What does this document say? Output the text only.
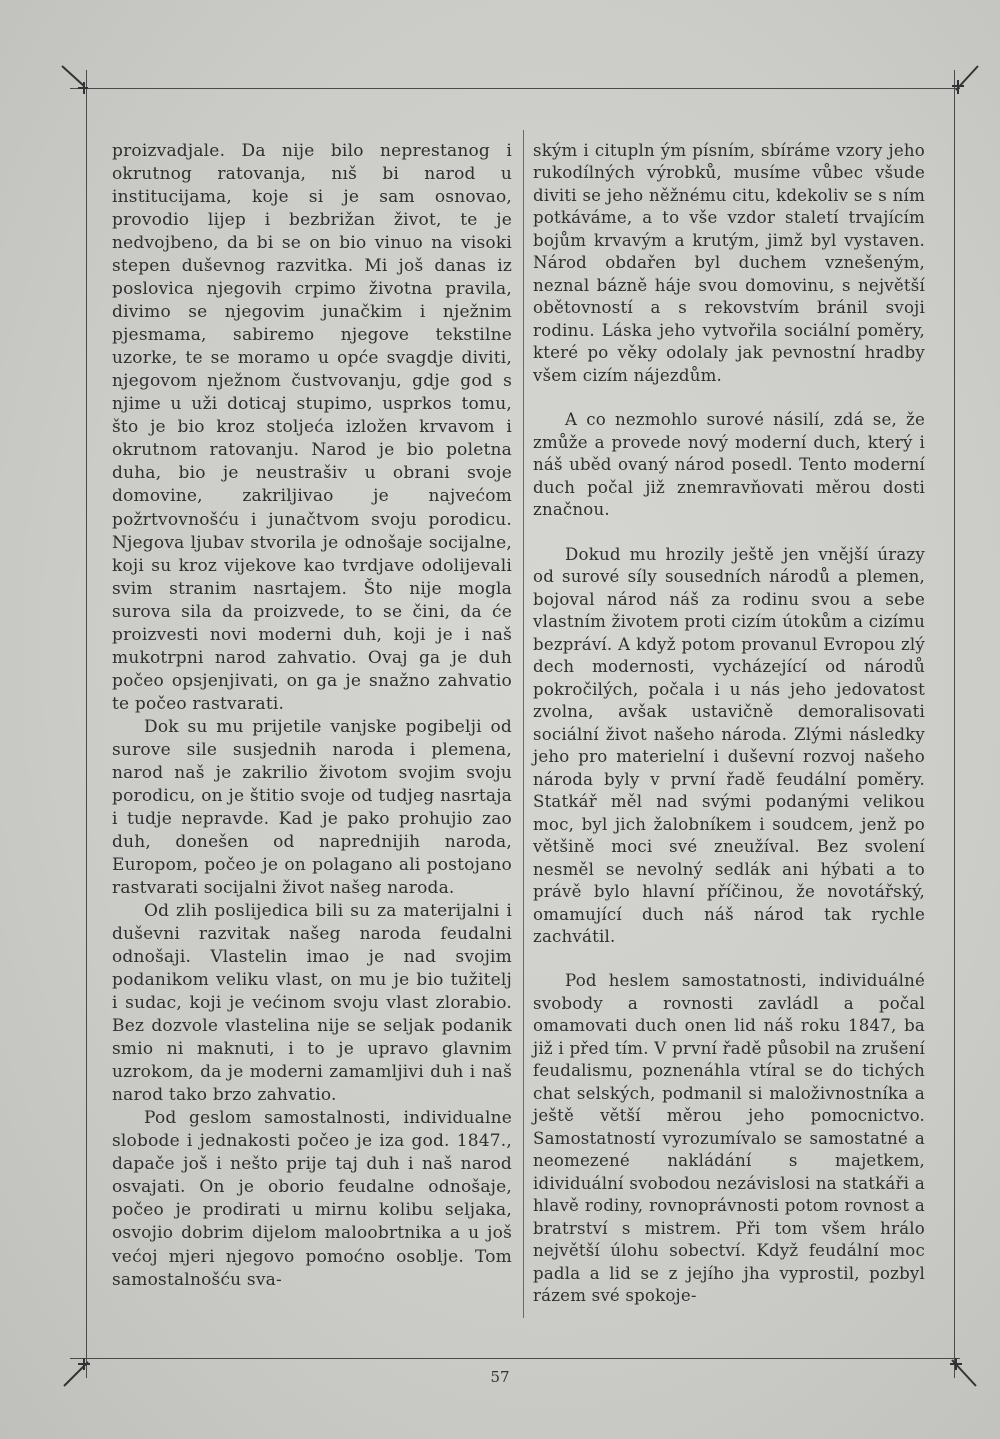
proizvadjale. Da nije bilo neprestanog i okrutnog ratovanja, nıš bi narod u institucijama, koje si je sam osnovao, provodio lijep i bezbrižan život, te je nedvojbeno, da bi se on bio vinuo na visoki stepen duševnog razvitka. Mi još danas iz poslovica njegovih crpimo životna pravila, divimo se njegovim junačkim i nježnim pjesmama, sabiremo njegove tekstilne uzorke, te se moramo u opće svagdje diviti, njegovom nježnom čustvovanju, gdje god s njime u uži doticaj stupimo, usprkos tomu, što je bio kroz stoljeća izložen krvavom i okrutnom ratovanju. Narod je bio poletna duha, bio je neustrašiv u obrani svoje domovine, zakriljivao je najvećom požrtvovnošću i junačtvom svoju porodicu. Njegova ljubav stvorila je odnošaje socijalne, koji su kroz vijekove kao tvrdjave odolijevali svim stranim nasrtajem. Što nije mogla surova sila da proizvede, to se čini, da će proizvesti novi moderni duh, koji je i naš mukotrpni narod zahvatio. Ovaj ga je duh počeo opsjenjivati, on ga je snažno zahvatio te počeo rastvarati.

Dok su mu prijetile vanjske pogibelji od surove sile susjednih naroda i plemena, narod naš je zakrilio životom svojim svoju porodicu, on je štitio svoje od tudjeg nasrtaja i tudje nepravde. Kad je pako prohujio zao duh, donešen od naprednijih naroda, Europom, počeo je on polagano ali postojano rastvarati socijalni život našeg naroda.

Od zlih poslijedica bili su za materijalni i duševni razvitak našeg naroda feudalni odnošaji. Vlastelin imao je nad svojim podanikom veliku vlast, on mu je bio tužitelj i sudac, koji je većinom svoju vlast zlorabio. Bez dozvole vlastelina nije se seljak podanik smio ni maknuti, i to je upravo glavnim uzrokom, da je moderni zamamljivi duh i naš narod tako brzo zahvatio.

Pod geslom samostalnosti, individualne slobode i jednakosti počeo je iza god. 1847., dapače još i nešto prije taj duh i naš narod osvajati. On je oborio feudalne odnošaje, počeo je prodirati u mirnu kolibu seljaka, osvojio dobrim dijelom maloobrtnika a u još većoj mjeri njegovo pomoćno osoblje. Tom samostalnošću sva-

ským i citupln ým písním, sbíráme vzory jeho rukodílných výrobků, musíme vůbec všude diviti se jeho něžnému citu, kdekoliv se s ním potkáváme, a to vše vzdor staletí trvajícím bojům krvavým a krutým, jimž byl vystaven. Národ obdařen byl duchem vznešeným, neznal bázně háje svou domovinu, s největší obětovností a s rekovstvím bránil svoji rodinu. Láska jeho vytvořila sociální poměry, které po věky odolaly jak pevnostní hradby všem cizím nájezdům.

A co nezmohlo surové násilí, zdá se, že zmůže a provede nový moderní duch, který i náš uběd ovaný národ posedl. Tento moderní duch počal již znemravňovati měrou dosti značnou.

Dokud mu hrozily ještě jen vnější úrazy od surové síly sousedních národů a plemen, bojoval národ náš za rodinu svou a sebe vlastním životem proti cizím útokům a cizímu bezpráví. A když potom provanul Evropou zlý dech modernosti, vycházející od národů pokročilých, počala i u nás jeho jedovatost zvolna, avšak ustavičně demoralisovati sociální život našeho národa. Zlými následky jeho pro materielní i duševní rozvoj našeho národa byly v první řadě feudální poměry. Statkář měl nad svými podanými velikou moc, byl jich žalobníkem i soudcem, jenž po většině moci své zneužíval. Bez svolení nesměl se nevolný sedlák ani hýbati a to právě bylo hlavní příčinou, že novotářský, omamující duch náš národ tak rychle zachvátil.

Pod heslem samostatnosti, individuálné svobody a rovnosti zavládl a počal omamovati duch onen lid náš roku 1847, ba již i před tím. V první řadě působil na zrušení feudalismu, poznenáhla vtíral se do tichých chat selských, podmanil si maloživnostníka a ještě větší měrou jeho pomocnictvo. Samostatností vyrozumívalo se samostatné a neomezené nakládání s majetkem, idividuální svobodou nezávislosi na statkáři a hlavě rodiny, rovnoprávnosti potom rovnost a bratrství s mistrem. Při tom všem hrálo největší úlohu sobectví. Když feudální moc padla a lid se z jejího jha vyprostil, pozbyl rázem své spokoje-

57
